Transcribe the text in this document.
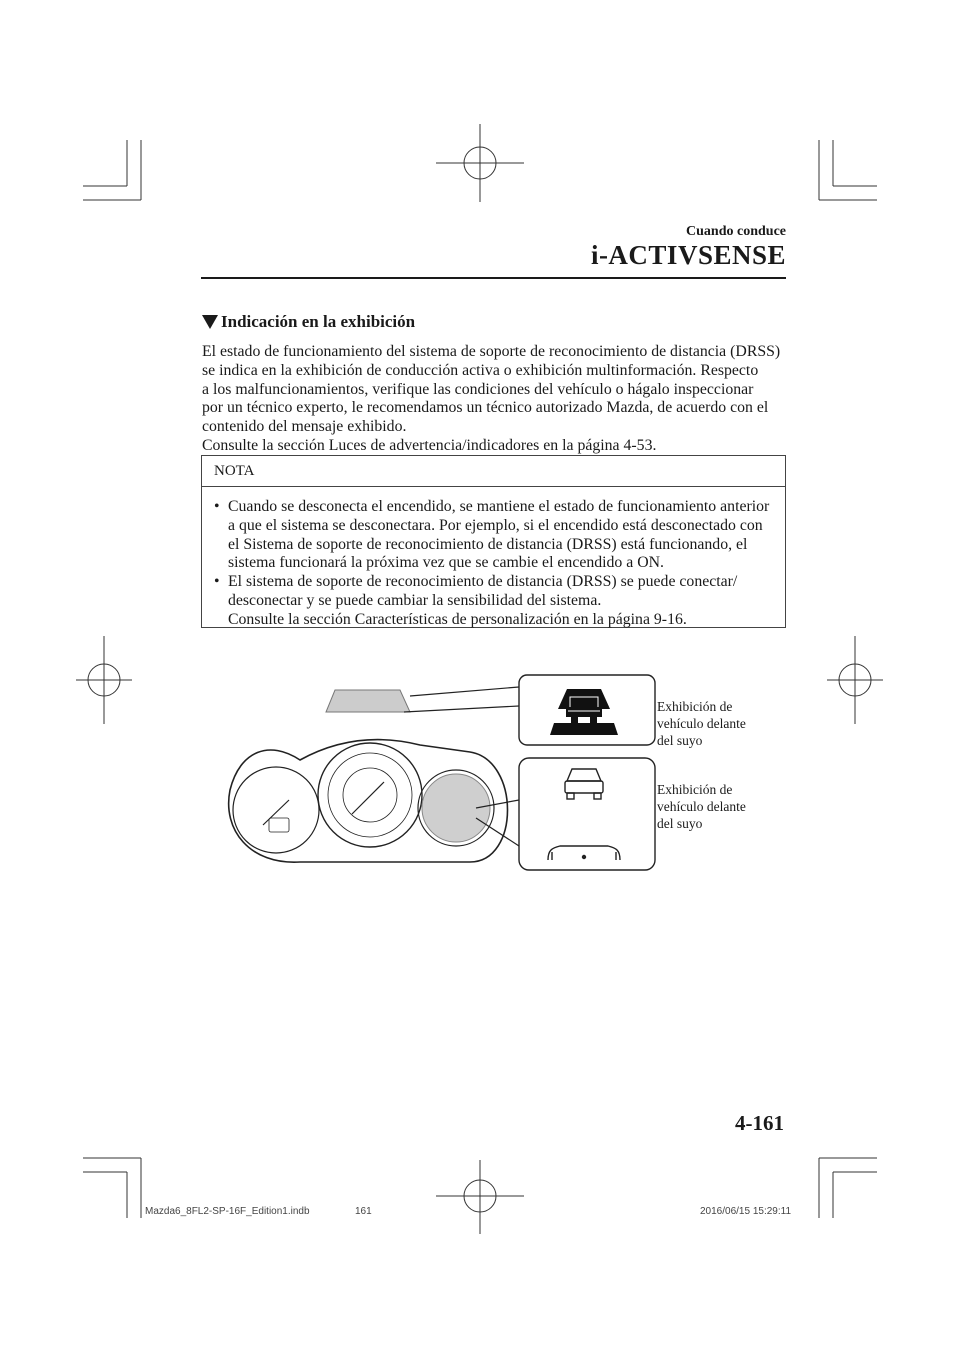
Cuando conduce
i-ACTIVSENSE
Indicación en la exhibición
El estado de funcionamiento del sistema de soporte de reconocimiento de distancia (DRSS)
se indica en la exhibición de conducción activa o exhibición multinformación. Respecto
a los malfuncionamientos, verifique las condiciones del vehículo o hágalo inspeccionar
por un técnico experto, le recomendamos un técnico autorizado Mazda, de acuerdo con el
contenido del mensaje exhibido.
Consulte la sección Luces de advertencia/indicadores en la página 4-53.
NOTA
• Cuando se desconecta el encendido, se mantiene el estado de funcionamiento anterior
a que el sistema se desconectara. Por ejemplo, si el encendido está desconectado con
el Sistema de soporte de reconocimiento de distancia (DRSS) está funcionando, el
sistema funcionará la próxima vez que se cambie el encendido a ON.
• El sistema de soporte de reconocimiento de distancia (DRSS) se puede conectar/
desconectar y se puede cambiar la sensibilidad del sistema.
Consulte la sección Características de personalización en la página 9-16.
Exhibición de
vehículo delante
del suyo
Exhibición de
vehículo delante
del suyo
4-161
Mazda6_8FL2-SP-16F_Edition1.indb	161	2016/06/15 15:29:11
